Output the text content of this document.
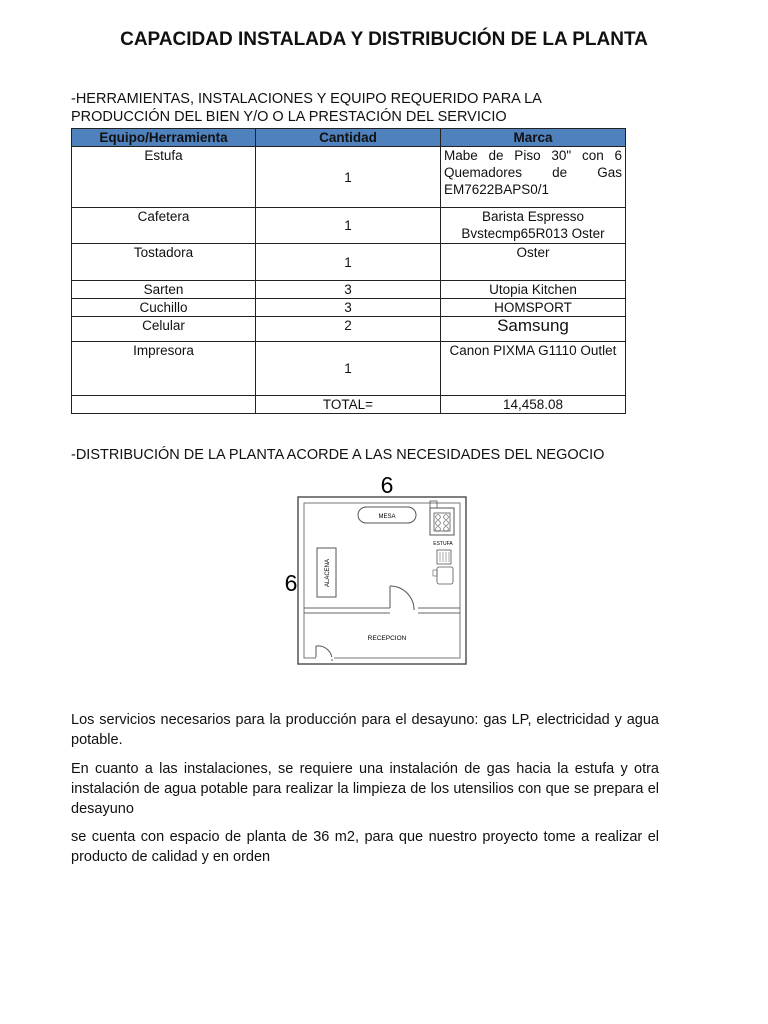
CAPACIDAD INSTALADA Y DISTRIBUCIÓN DE LA PLANTA
-HERRAMIENTAS, INSTALACIONES Y EQUIPO REQUERIDO PARA LA PRODUCCIÓN DEL BIEN Y/O O LA PRESTACIÓN DEL SERVICIO
Equipo/Herramienta	Cantidad	Marca
Estufa	1	Mabe de Piso 30" con 6 Quemadores de Gas EM7622BAPS0/1
Cafetera	1	Barista Espresso Bvstecmp65R013 Oster
Tostadora	1	Oster
Sarten	3	Utopia Kitchen
Cuchillo	3	HOMSPORT
Celular	2	Samsung
Impresora	1	Canon PIXMA G1110 Outlet
	TOTAL=	14,458.08
-DISTRIBUCIÓN DE LA PLANTA ACORDE A LAS NECESIDADES DEL NEGOCIO
6
6
MESA
ESTUFA
ALACENA
RECEPCION
Los servicios necesarios para la producción para el desayuno: gas LP, electricidad y agua potable.
En cuanto a las instalaciones, se requiere una instalación de gas hacia la estufa y otra instalación de agua potable para realizar la limpieza de los utensilios con que se prepara el desayuno
se cuenta con espacio de planta de 36 m2, para que nuestro proyecto tome a realizar el producto de calidad y en orden
